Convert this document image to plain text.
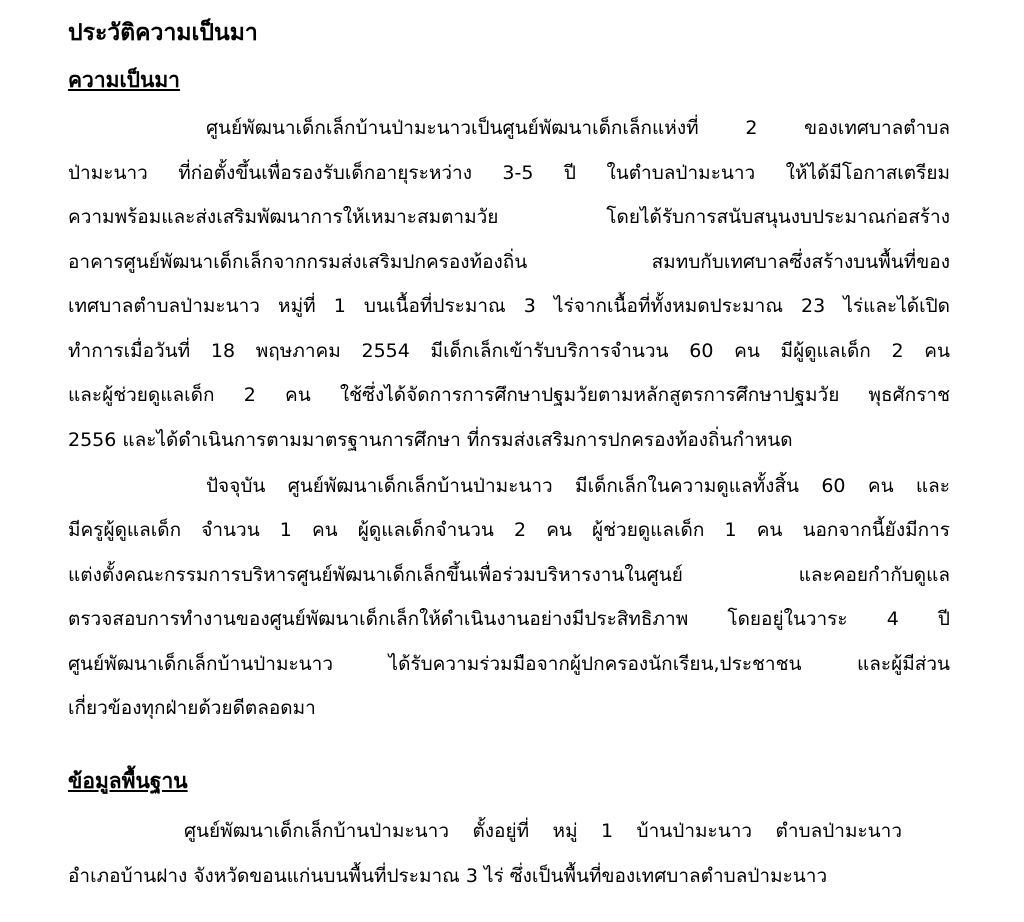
ประวัติความเป็นมา
ความเป็นมา
ศูนย์พัฒนาเด็กเล็กบ้านป่ามะนาวเป็นศูนย์พัฒนาเด็กเล็กแห่งที่ 2 ของเทศบาลตำบล
ป่ามะนาว ที่ก่อตั้งขึ้นเพื่อรองรับเด็กอายุระหว่าง 3-5 ปี ในตำบลป่ามะนาว ให้ได้มีโอกาสเตรียม
ความพร้อมและส่งเสริมพัฒนาการให้เหมาะสมตามวัย โดยได้รับการสนับสนุนงบประมาณก่อสร้าง
อาคารศูนย์พัฒนาเด็กเล็กจากกรมส่งเสริมปกครองท้องถิ่น สมทบกับเทศบาลซึ่งสร้างบนพื้นที่ของ
เทศบาลตำบลป่ามะนาว หมู่ที่ 1 บนเนื้อที่ประมาณ 3 ไร่จากเนื้อที่ทั้งหมดประมาณ 23 ไร่และได้เปิด
ทำการเมื่อวันที่ 18 พฤษภาคม 2554 มีเด็กเล็กเข้ารับบริการจำนวน 60 คน มีผู้ดูแลเด็ก 2 คน
และผู้ช่วยดูแลเด็ก 2 คน ใช้ซึ่งได้จัดการการศึกษาปฐมวัยตามหลักสูตรการศึกษาปฐมวัย พุธศักราช
2556 และได้ดำเนินการตามมาตรฐานการศึกษา ที่กรมส่งเสริมการปกครองท้องถิ่นกำหนด
ปัจจุบัน ศูนย์พัฒนาเด็กเล็กบ้านป่ามะนาว มีเด็กเล็กในความดูแลทั้งสิ้น 60 คน และ
มีครูผู้ดูแลเด็ก จำนวน 1 คน ผู้ดูแลเด็กจำนวน 2 คน ผู้ช่วยดูแลเด็ก 1 คน นอกจากนี้ยังมีการ
แต่งตั้งคณะกรรมการบริหารศูนย์พัฒนาเด็กเล็กขึ้นเพื่อร่วมบริหารงานในศูนย์ และคอยกำกับดูแล
ตรวจสอบการทำงานของศูนย์พัฒนาเด็กเล็กให้ดำเนินงานอย่างมีประสิทธิภาพ โดยอยู่ในวาระ 4 ปี
ศูนย์พัฒนาเด็กเล็กบ้านป่ามะนาว ได้รับความร่วมมือจากผู้ปกครองนักเรียน,ประชาชน และผู้มีส่วน
เกี่ยวข้องทุกฝ่ายด้วยดีตลอดมา
ข้อมูลพื้นฐาน
ศูนย์พัฒนาเด็กเล็กบ้านป่ามะนาว ตั้งอยู่ที่ หมู่ 1 บ้านป่ามะนาว ตำบลป่ามะนาว
อำเภอบ้านฝาง จังหวัดขอนแก่นบนพื้นที่ประมาณ 3 ไร่ ซึ่งเป็นพื้นที่ของเทศบาลตำบลป่ามะนาว
